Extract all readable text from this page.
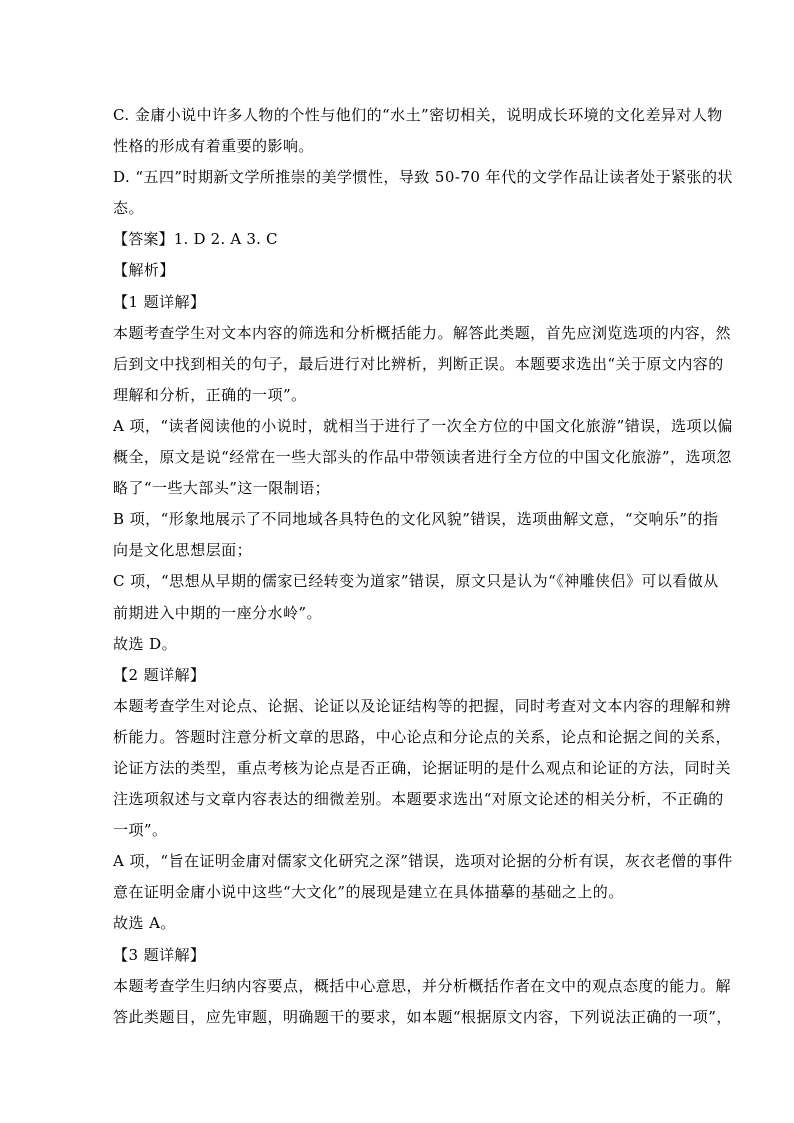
C. 金庸小说中许多人物的个性与他们的“水土”密切相关，说明成长环境的文化差异对人物
性格的形成有着重要的影响。
D. “五四”时期新文学所推崇的美学惯性，导致 50-70 年代的文学作品让读者处于紧张的状
态。
【答案】1. D 2. A 3. C
【解析】
【1 题详解】
本题考查学生对文本内容的筛选和分析概括能力。解答此类题，首先应浏览选项的内容，然
后到文中找到相关的句子，最后进行对比辨析，判断正误。本题要求选出“关于原文内容的
理解和分析，正确的一项”。
A 项，“读者阅读他的小说时，就相当于进行了一次全方位的中国文化旅游”错误，选项以偏
概全，原文是说“经常在一些大部头的作品中带领读者进行全方位的中国文化旅游”，选项忽
略了“一些大部头”这一限制语；
B 项，“形象地展示了不同地域各具特色的文化风貌”错误，选项曲解文意，“交响乐”的指
向是文化思想层面；
C 项，“思想从早期的儒家已经转变为道家”错误，原文只是认为“《神雕侠侣》可以看做从
前期进入中期的一座分水岭”。
故选 D。
【2 题详解】
本题考查学生对论点、论据、论证以及论证结构等的把握，同时考查对文本内容的理解和辨
析能力。答题时注意分析文章的思路，中心论点和分论点的关系，论点和论据之间的关系，
论证方法的类型，重点考核为论点是否正确，论据证明的是什么观点和论证的方法，同时关
注选项叙述与文章内容表达的细微差别。本题要求选出“对原文论述的相关分析，不正确的
一项”。
A 项，“旨在证明金庸对儒家文化研究之深”错误，选项对论据的分析有误，灰衣老僧的事件
意在证明金庸小说中这些“大文化”的展现是建立在具体描摹的基础之上的。
故选 A。
【3 题详解】
本题考查学生归纳内容要点，概括中心意思，并分析概括作者在文中的观点态度的能力。解
答此类题目，应先审题，明确题干的要求，如本题“根据原文内容，下列说法正确的一项”，
